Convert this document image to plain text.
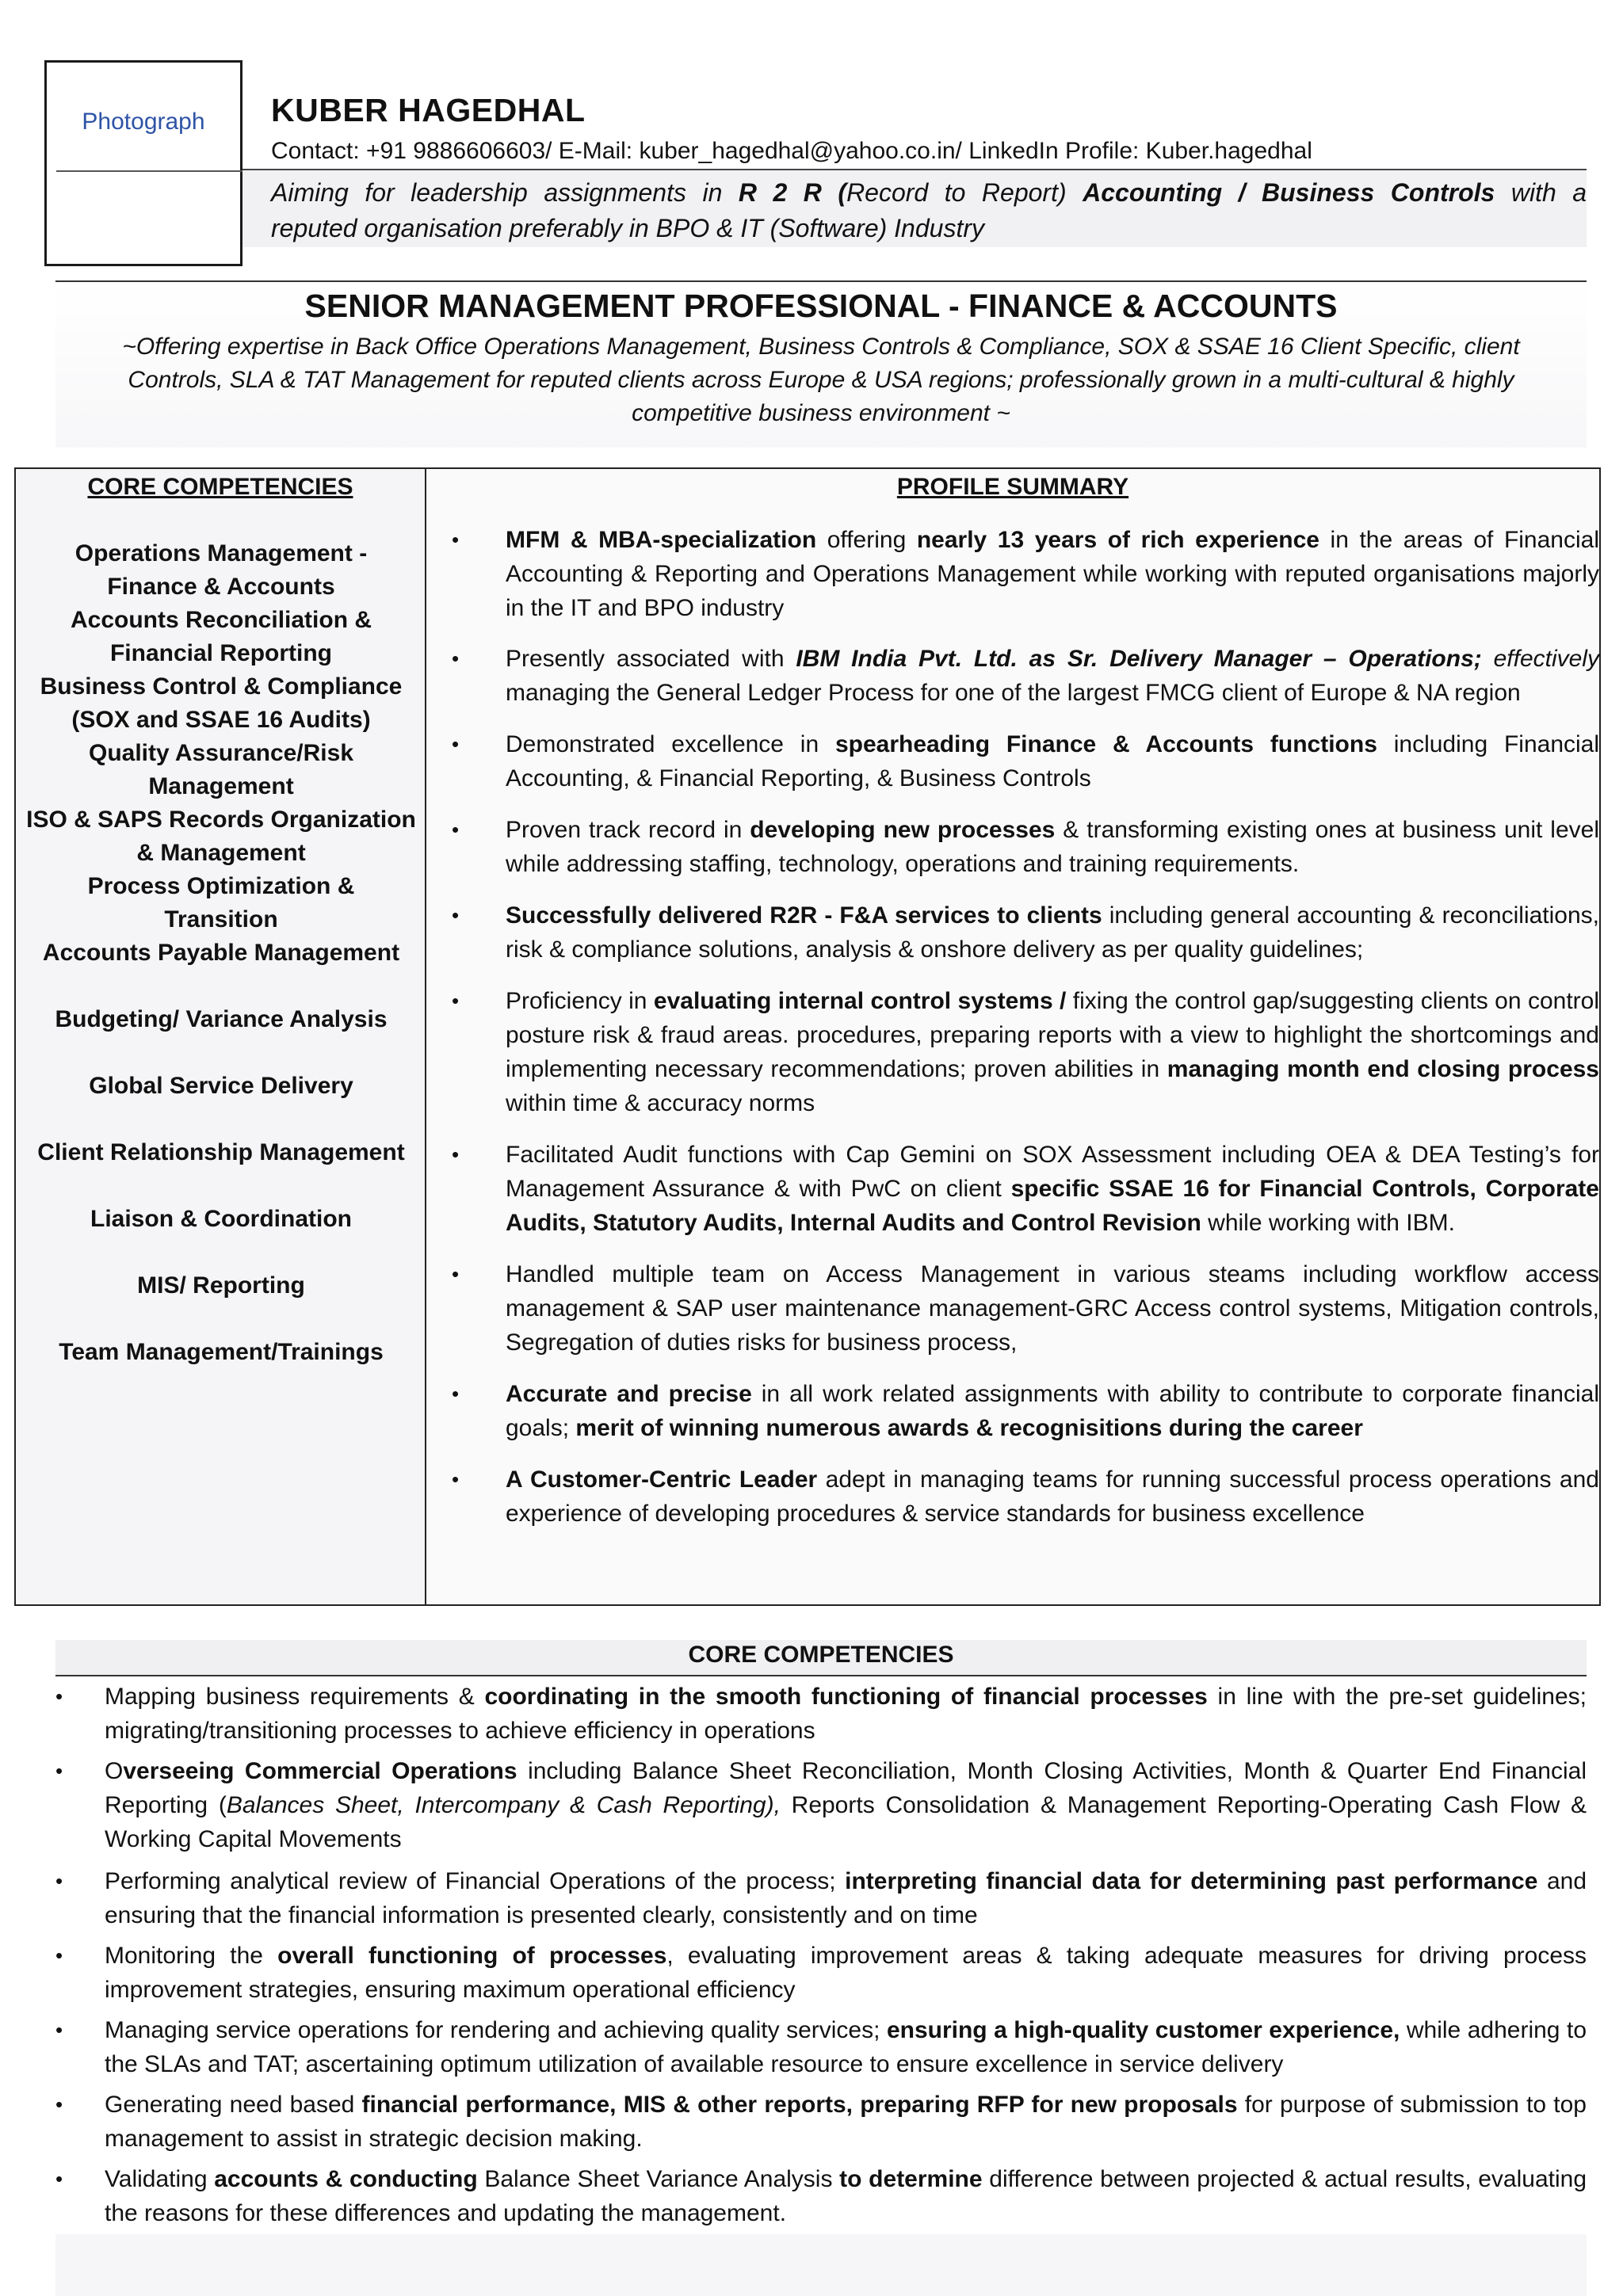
Photograph	KUBER HAGEDHAL
Contact: +91 9886606603/ E-Mail: kuber_hagedhal@yahoo.co.in/ LinkedIn Profile: Kuber.hagedhal
Aiming for leadership assignments in R 2 R (Record to Report) Accounting / Business Controls with a
reputed organisation preferably in BPO & IT (Software) Industry
SENIOR MANAGEMENT PROFESSIONAL - FINANCE & ACCOUNTS
~Offering expertise in Back Office Operations Management, Business Controls & Compliance, SOX & SSAE 16 Client Specific, client
Controls, SLA & TAT Management for reputed clients across Europe & USA regions; professionally grown in a multi-cultural & highly
competitive business environment ~
CORE COMPETENCIES
Operations Management -
Finance & Accounts
Accounts Reconciliation &
Financial Reporting
Business Control & Compliance
(SOX and SSAE 16 Audits)
Quality Assurance/Risk
Management
ISO & SAPS Records Organization
& Management
Process Optimization &
Transition
Accounts Payable Management
Budgeting/ Variance Analysis
Global Service Delivery
Client Relationship Management
Liaison & Coordination
MIS/ Reporting
Team Management/Trainings
PROFILE SUMMARY
• MFM & MBA-specialization offering nearly 13 years of rich experience in the areas of Financial Accounting & Reporting and Operations Management while working with reputed organisations majorly in the IT and BPO industry
• Presently associated with IBM India Pvt. Ltd. as Sr. Delivery Manager – Operations; effectively managing the General Ledger Process for one of the largest FMCG client of Europe & NA region
• Demonstrated excellence in spearheading Finance & Accounts functions including Financial Accounting, & Financial Reporting, & Business Controls
• Proven track record in developing new processes & transforming existing ones at business unit level while addressing staffing, technology, operations and training requirements.
• Successfully delivered R2R - F&A services to clients including general accounting & reconciliations, risk & compliance solutions, analysis & onshore delivery as per quality guidelines;
• Proficiency in evaluating internal control systems / fixing the control gap/suggesting clients on control posture risk & fraud areas. procedures, preparing reports with a view to highlight the shortcomings and implementing necessary recommendations; proven abilities in managing month end closing process within time & accuracy norms
• Facilitated Audit functions with Cap Gemini on SOX Assessment including OEA & DEA Testing’s for Management Assurance & with PwC on client specific SSAE 16 for Financial Controls, Corporate Audits, Statutory Audits, Internal Audits and Control Revision while working with IBM.
• Handled multiple team on Access Management in various steams including workflow access management & SAP user maintenance management-GRC Access control systems, Mitigation controls, Segregation of duties risks for business process,
• Accurate and precise in all work related assignments with ability to contribute to corporate financial goals; merit of winning numerous awards & recognisitions during the career
• A Customer-Centric Leader adept in managing teams for running successful process operations and experience of developing procedures & service standards for business excellence
CORE COMPETENCIES
• Mapping business requirements & coordinating in the smooth functioning of financial processes in line with the pre-set guidelines; migrating/transitioning processes to achieve efficiency in operations
• Overseeing Commercial Operations including Balance Sheet Reconciliation, Month Closing Activities, Month & Quarter End Financial Reporting (Balances Sheet, Intercompany & Cash Reporting), Reports Consolidation & Management Reporting-Operating Cash Flow & Working Capital Movements
• Performing analytical review of Financial Operations of the process; interpreting financial data for determining past performance and ensuring that the financial information is presented clearly, consistently and on time
• Monitoring the overall functioning of processes, evaluating improvement areas & taking adequate measures for driving process improvement strategies, ensuring maximum operational efficiency
• Managing service operations for rendering and achieving quality services; ensuring a high-quality customer experience, while adhering to the SLAs and TAT; ascertaining optimum utilization of available resource to ensure excellence in service delivery
• Generating need based financial performance, MIS & other reports, preparing RFP for new proposals for purpose of submission to top management to assist in strategic decision making.
• Validating accounts & conducting Balance Sheet Variance Analysis to determine difference between projected & actual results, evaluating the reasons for these differences and updating the management.
